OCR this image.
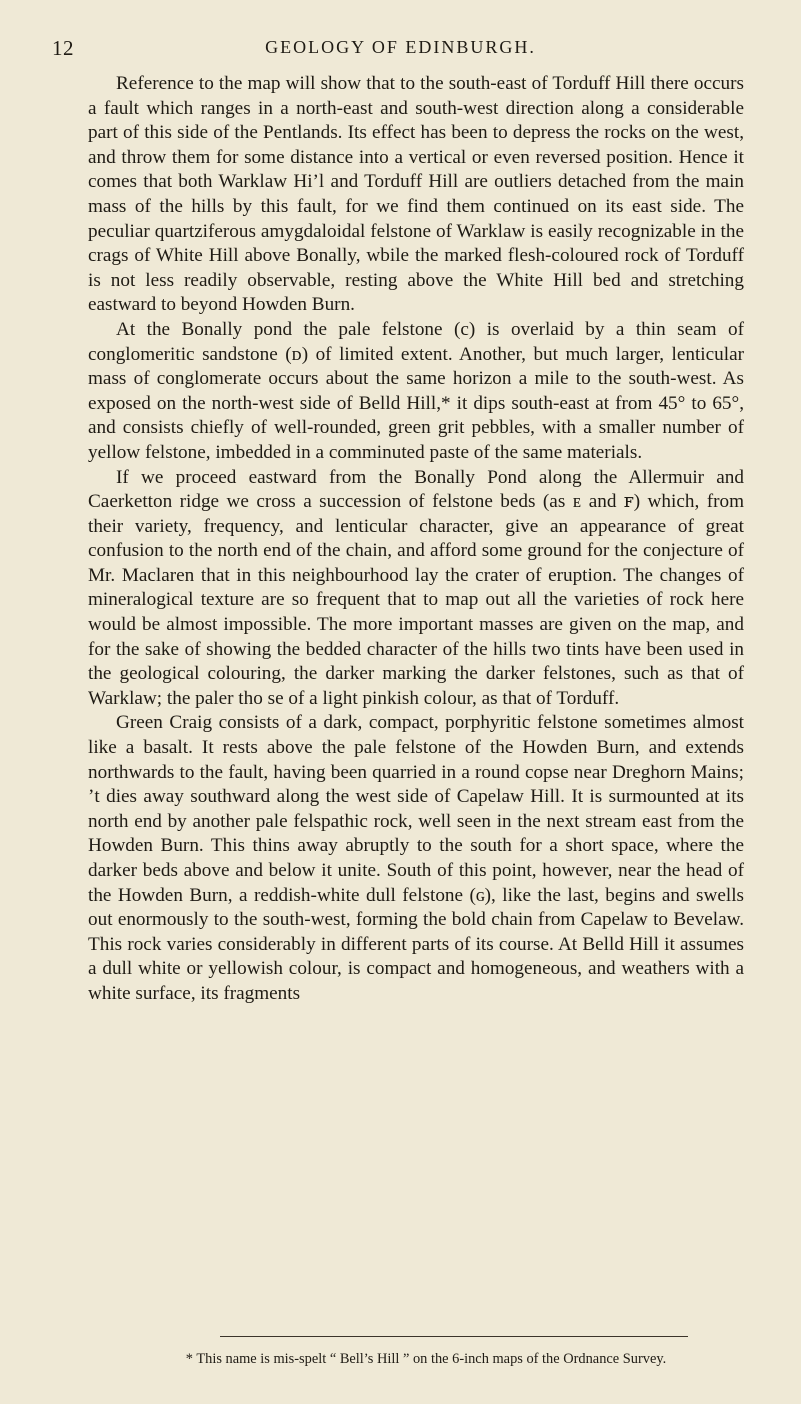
12	GEOLOGY OF EDINBURGH.

Reference to the map will show that to the south-east of Torduff Hill there occurs a fault which ranges in a north-east and south-west direction along a considerable part of this side of the Pentlands. Its effect has been to depress the rocks on the west, and throw them for some distance into a vertical or even reversed position. Hence it comes that both Warklaw Hiʼl and Torduff Hill are outliers detached from the main mass of the hills by this fault, for we find them continued on its east side. The peculiar quartziferous amygdaloidal felstone of Warklaw is easily recognizable in the crags of White Hill above Bonally, wbile the marked flesh-coloured rock of Torduff is not less readily observable, resting above the White Hill bed and stretching eastward to beyond Howden Burn.

At the Bonally pond the pale felstone (c) is overlaid by a thin seam of conglomeritic sandstone (ᴅ) of limited extent. Another, but much larger, lenticular mass of conglomerate occurs about the same horizon a mile to the south-west. As exposed on the north-west side of Belld Hill,* it dips south-east at from 45° to 65°, and consists chiefly of well-rounded, green grit pebbles, with a smaller number of yellow felstone, imbedded in a comminuted paste of the same materials.

If we proceed eastward from the Bonally Pond along the Allermuir and Caerketton ridge we cross a succession of felstone beds (as ᴇ and ꜰ) which, from their variety, frequency, and lenticular character, give an appearance of great confusion to the north end of the chain, and afford some ground for the conjecture of Mr. Maclaren that in this neighbourhood lay the crater of eruption. The changes of mineralogical texture are so frequent that to map out all the varieties of rock here would be almost impossible. The more important masses are given on the map, and for the sake of showing the bedded character of the hills two tints have been used in the geological colouring, the darker marking the darker felstones, such as that of Warklaw; the paler tho se of a light pinkish colour, as that of Torduff.

Green Craig consists of a dark, compact, porphyritic felstone sometimes almost like a basalt. It rests above the pale felstone of the Howden Burn, and extends northwards to the fault, having been quarried in a round copse near Dreghorn Mains; ʼt dies away southward along the west side of Capelaw Hill. It is surmounted at its north end by another pale felspathic rock, well seen in the next stream east from the Howden Burn. This thins away abruptly to the south for a short space, where the darker beds above and below it unite. South of this point, however, near the head of the Howden Burn, a reddish-white dull felstone (ɢ), like the last, begins and swells out enormously to the south-west, forming the bold chain from Capelaw to Bevelaw. This rock varies considerably in different parts of its course. At Belld Hill it assumes a dull white or yellowish colour, is compact and homogeneous, and weathers with a white surface, its fragments

* This name is mis-spelt “ Bell’s Hill ” on the 6-inch maps of the Ordnance Survey.
